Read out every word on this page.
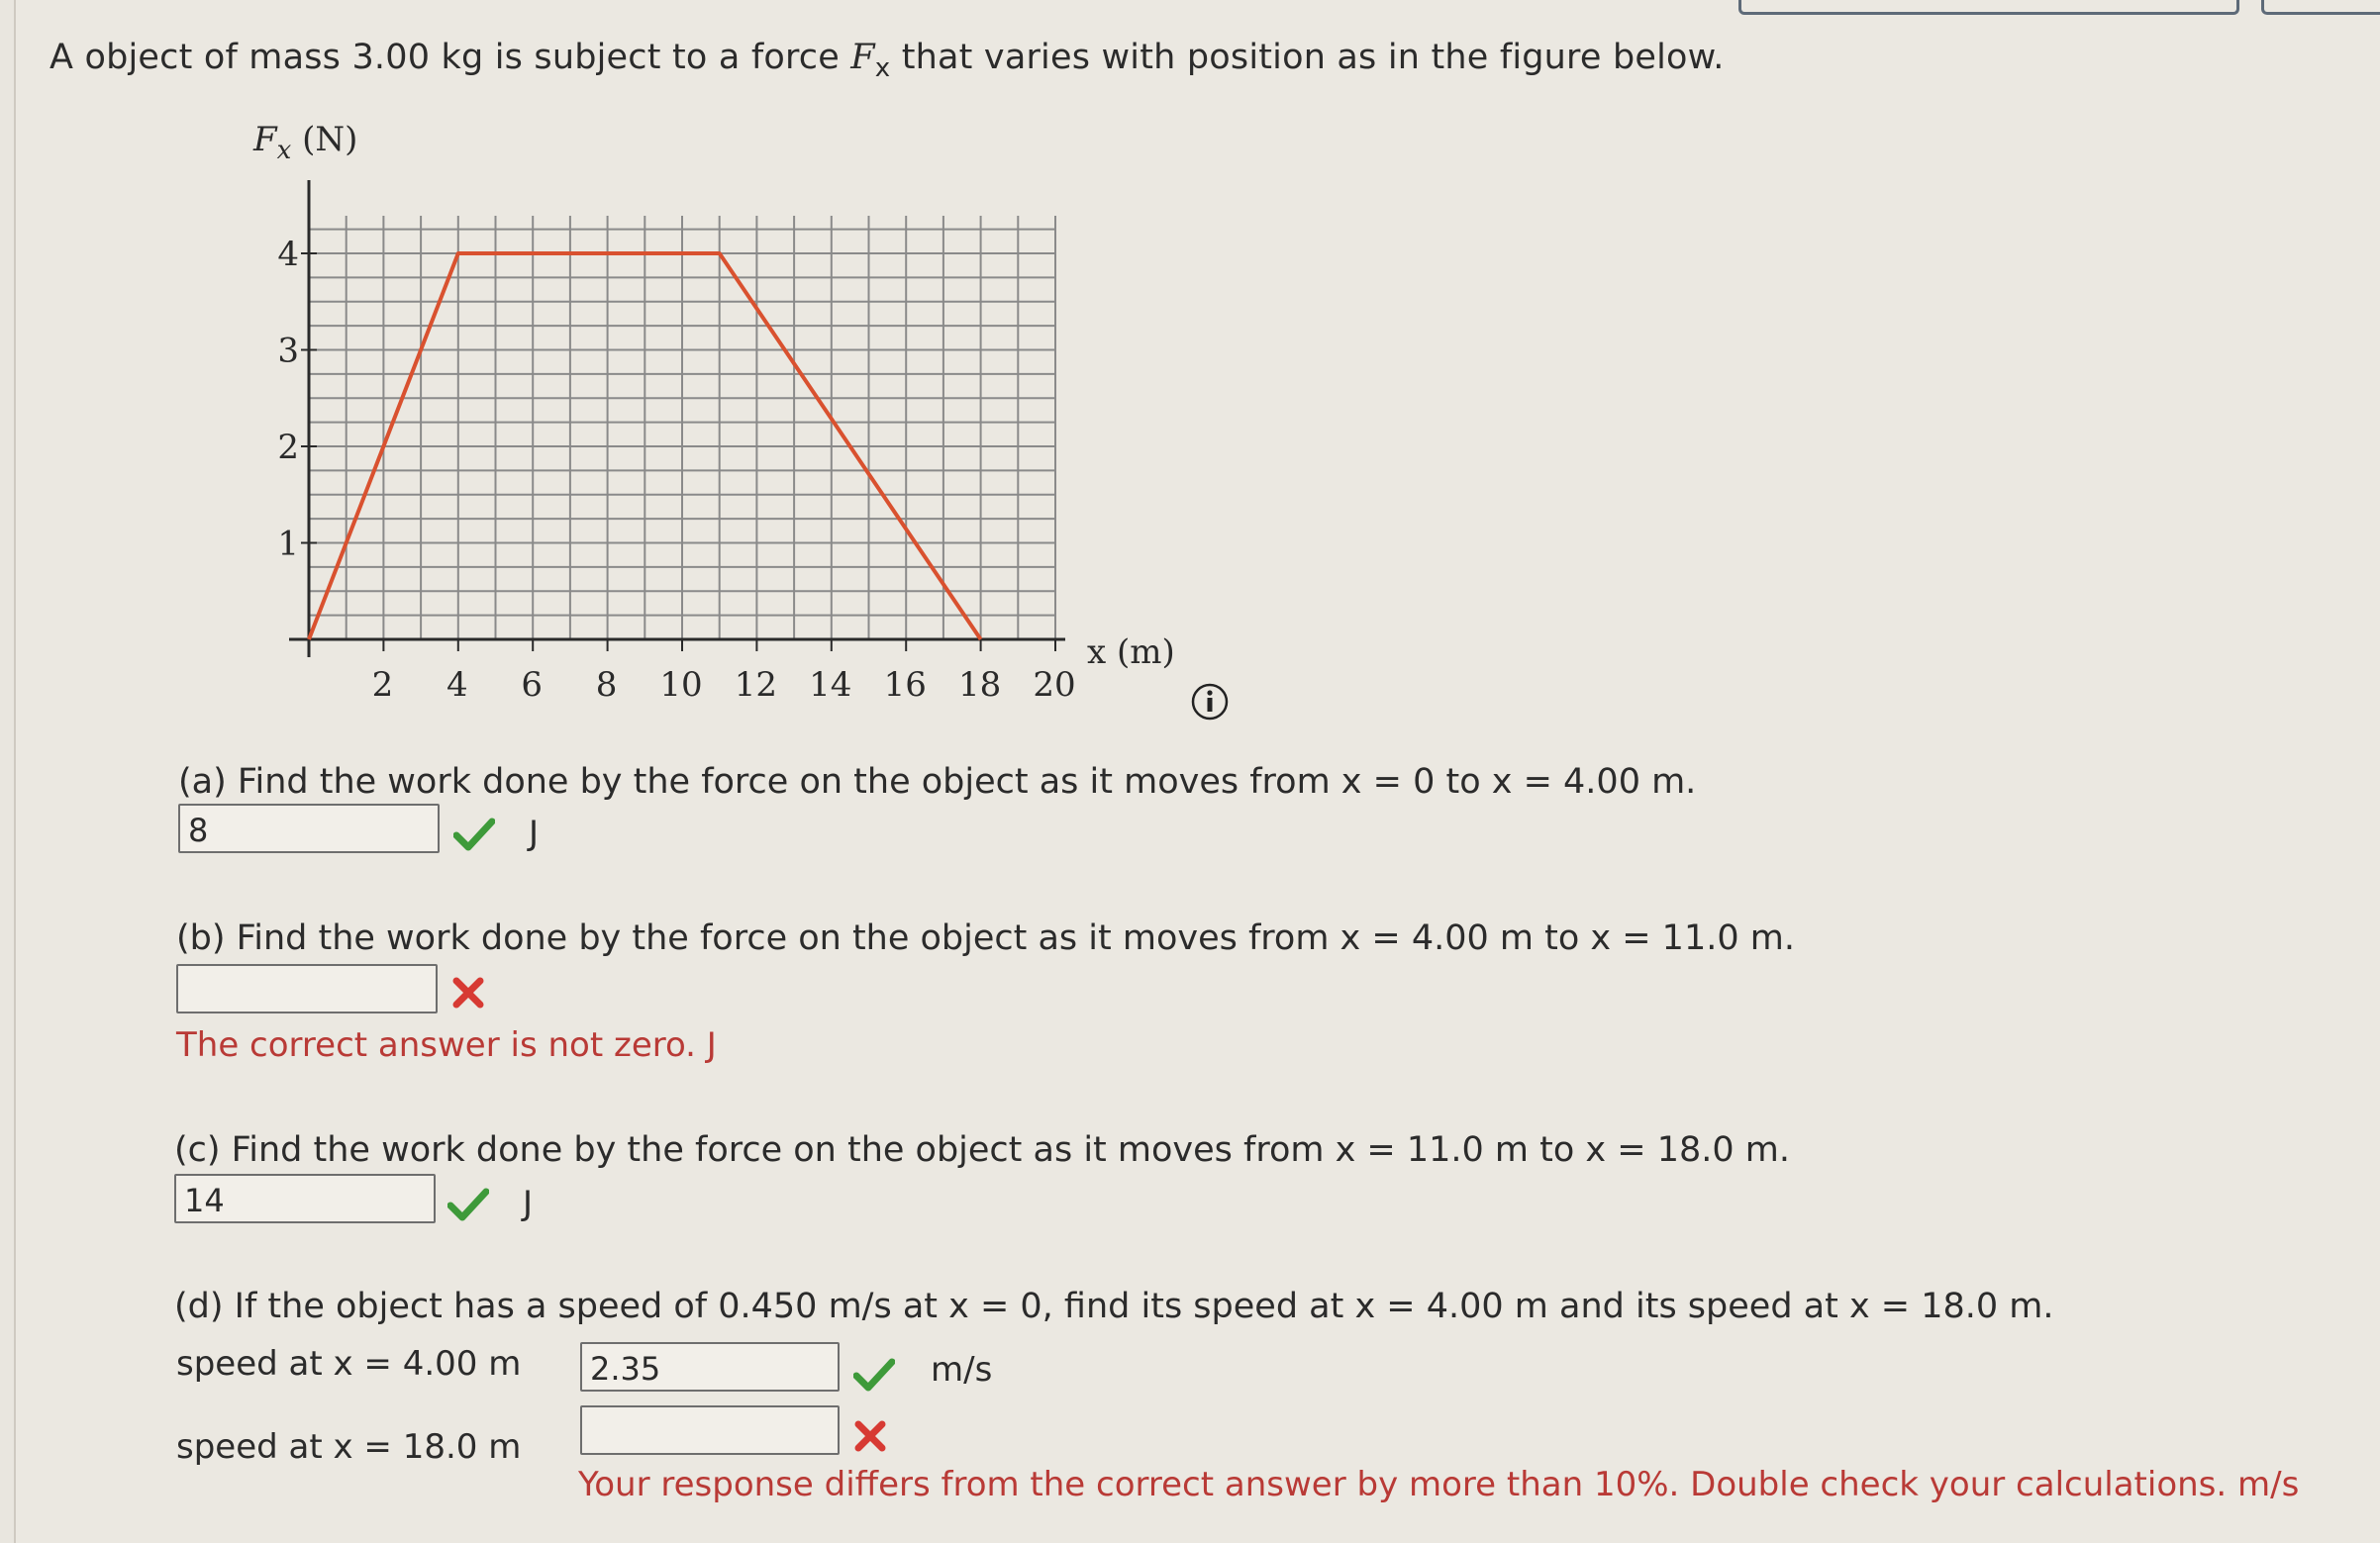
A object of mass 3.00 kg is subject to a force $F_x$ that varies with position as in the figure below.
2 4 6 8 10 12 14 16 18 20
1
2
3
4
$F_x$ (N)
x (m)
(a) Find the work done by the force on the object as it moves from x = 0 to x = 4.00 m.
8	J
(b) Find the work done by the force on the object as it moves from x = 4.00 m to x = 11.0 m.
The correct answer is not zero. J
(c) Find the work done by the force on the object as it moves from x = 11.0 m to x = 18.0 m.
14	J
(d) If the object has a speed of 0.450 m/s at x = 0, find its speed at x = 4.00 m and its speed at x = 18.0 m.
speed at x = 4.00 m	2.35	m/s
speed at x = 18.0 m
Your response differs from the correct answer by more than 10%. Double check your calculations. m/s
